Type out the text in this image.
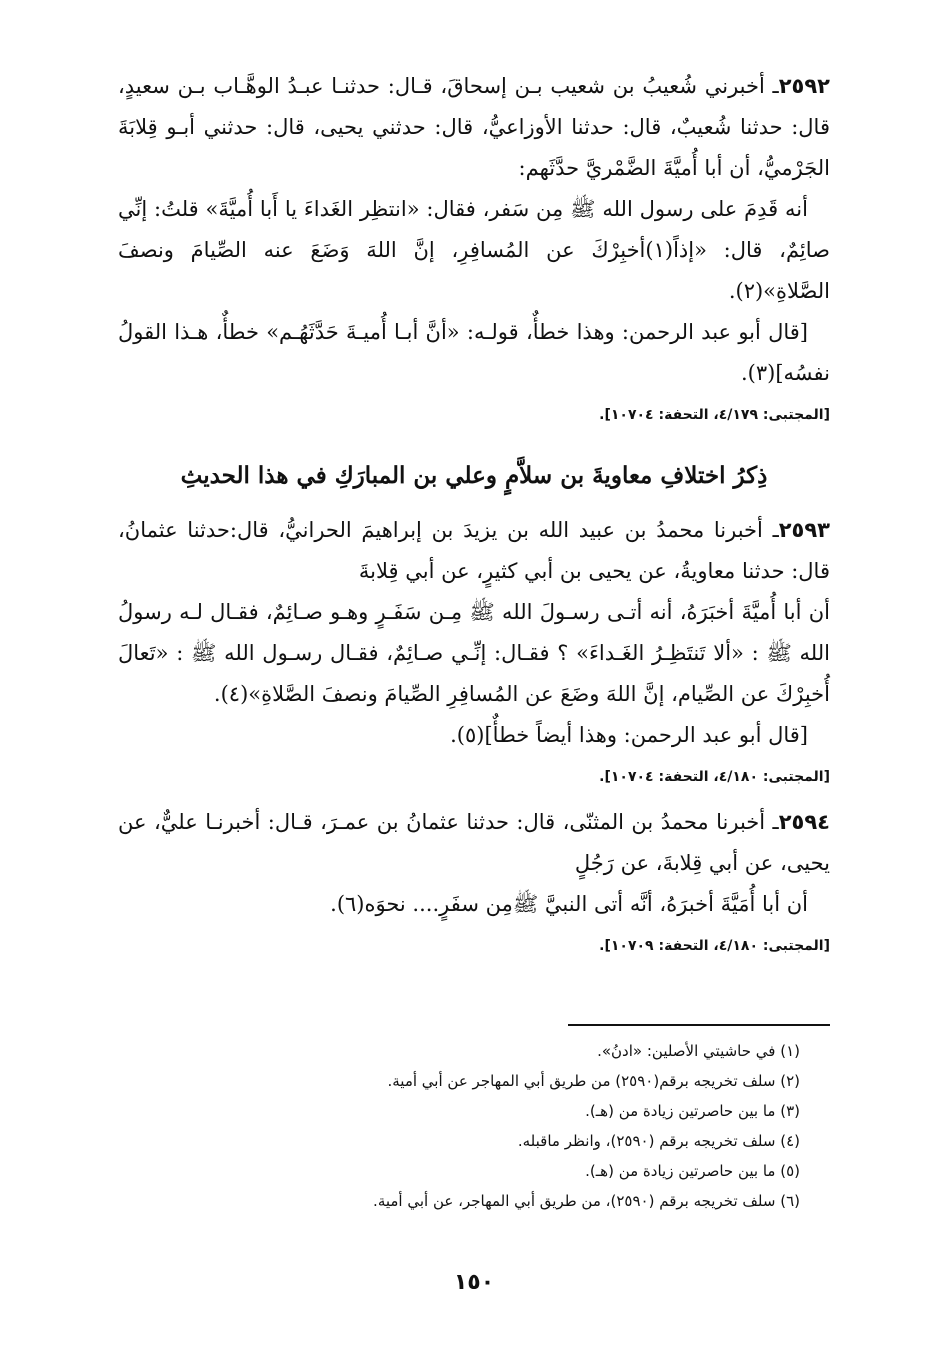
٢٥٩٢ـ أخبرني شُعيبُ بن شعيب بـن إسحاقَ، قـال: حدثنـا عبـدُ الوهَّـاب بـن سعيدٍ، قال: حدثنا شُعيبٌ، قال: حدثنا الأوزاعيُّ، قال: حدثني يحيى، قال: حدثني أبـو قِلابَةَ الجَرْميُّ، أن أبا أُميَّةَ الضَّمْريَّ حدَّثَهم:

أنه قَدِمَ على رسول الله ﷺ مِن سَفر، فقال: «انتظِر الغَداءَ يا أَبا أُميَّةَ» قلتُ: إنِّي صائِمٌ، قال: «إذاً(١)أخبِرْكَ عن المُسافِرِ، إنَّ اللهَ وَضَعَ عنه الصِّيامَ ونصفَ الصَّلاةِ»(٢).

[قال أبو عبد الرحمن: وهذا خطأٌ، قولـه: «أنَّ أبـا أُميـةَ حَدَّثَهُـم» خطأٌ، هـذا القولُ نفسُه](٣).

[المجتبى: ٤/١٧٩، التحفة: ١٠٧٠٤].

ذِكرُ اختلافِ معاويةَ بن سلاَّمٍ وعلي بن المبارَكِ في هذا الحديثِ

٢٥٩٣ـ أخبرنا محمدُ بن عبيد الله بن يزيدَ بن إبراهيمَ الحرانيُّ، قال:حدثنا عثمانُ، قال: حدثنا معاويةُ، عن يحيى بن أبي كثيرٍ، عن أبي قِلابةَ

أن أبا أُميَّةَ أخبَرَهُ، أنه أتـى رسـولَ الله ﷺ مِـن سَفَـرٍ وهـو صـائِمٌ، فقـال لـه رسولُ الله ﷺ : «ألا تَنتَظِـرُ الغَـداءَ» ؟ فقـال: إنِّـي صـائِمٌ، فقـال رسـول الله ﷺ : «تَعالَ أُخبِرْكَ عن الصِّيام، إنَّ اللهَ وضَعَ عن المُسافِرِ الصِّيامَ ونصفَ الصَّلاةِ»(٤).

[قال أبو عبد الرحمن: وهذا أيضاً خطأٌ](٥).

[المجتبى: ٤/١٨٠، التحفة: ١٠٧٠٤].

٢٥٩٤ـ أخبرنا محمدُ بن المثنّى، قال: حدثنا عثمانُ بن عمـرَ، قـال: أخبرنـا عليٌّ، عن يحيى، عن أبي قِلابةَ، عن رَجُلٍ

أن أبا أُمَيَّةَ أخبرَهُ، أنَّه أتى النبيَّ ﷺمِن سفَرٍ.... نحوَه(٦).

[المجتبى: ٤/١٨٠، التحفة: ١٠٧٠٩].

(١) في حاشيتي الأصلين: «ادنُ».

(٢) سلف تخريجه برقم(٢٥٩٠) من طريق أبي المهاجر عن أبي أمية.

(٣) ما بين حاصرتين زيادة من (هـ).

(٤) سلف تخريجه برقم (٢٥٩٠)، وانظر ماقبله.

(٥) ما بين حاصرتين زيادة من (هـ).

(٦) سلف تخريجه برقم (٢٥٩٠)، من طريق أبي المهاجر، عن أبي أمية.

١٥٠
